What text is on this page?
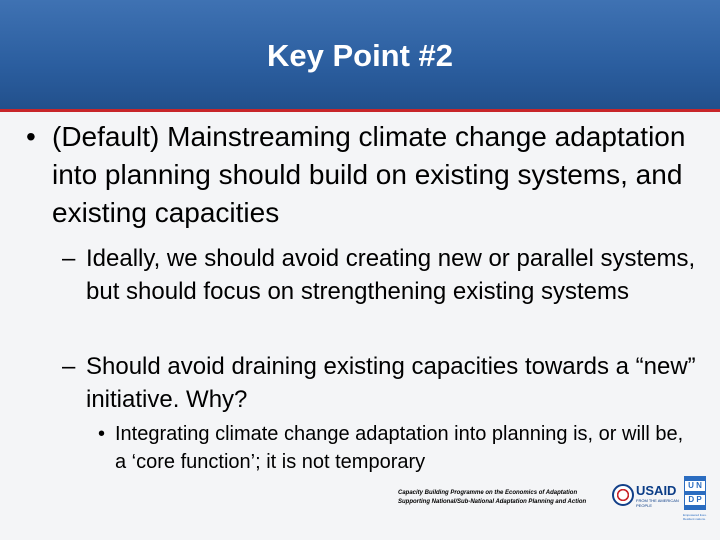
Key Point #2
• (Default) Mainstreaming climate change adaptation into planning should build on existing systems, and existing capacities
– Ideally, we should avoid creating new or parallel systems, but should focus on strengthening existing systems
– Should avoid draining existing capacities towards a “new” initiative. Why?
• Integrating climate change adaptation into planning is, or will be, a ‘core function’; it is not temporary
Capacity Building Programme on the Economics of Adaptation
Supporting National/Sub-National Adaptation Planning and Action
USAID
FROM THE AMERICAN PEOPLE
U N
D P
Empowered lives. Resilient nations.
